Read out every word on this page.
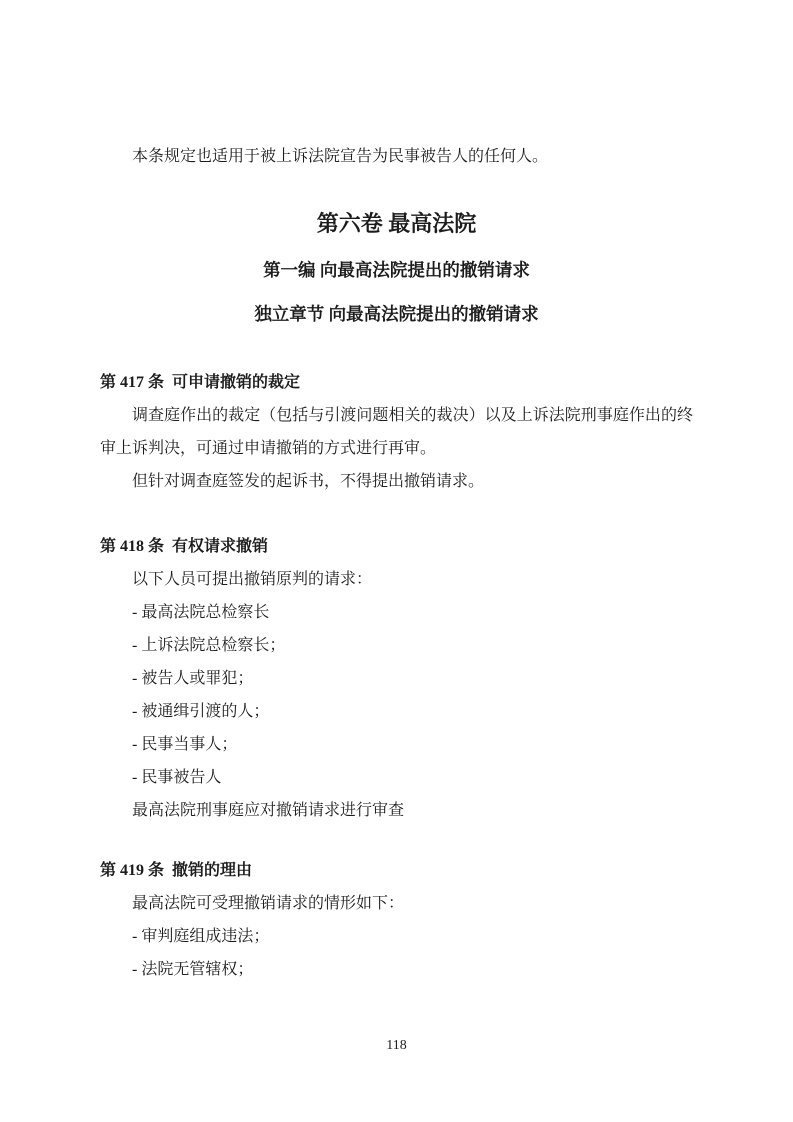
本条规定也适用于被上诉法院宣告为民事被告人的任何人。

第六卷 最高法院
第一编 向最高法院提出的撤销请求
独立章节 向最高法院提出的撤销请求
第 417 条  可申请撤销的裁定

调查庭作出的裁定（包括与引渡问题相关的裁决）以及上诉法院刑事庭作出的终审上诉判决，可通过申请撤销的方式进行再审。

但针对调查庭签发的起诉书，不得提出撤销请求。

第 418 条  有权请求撤销

以下人员可提出撤销原判的请求：

- 最高法院总检察长

- 上诉法院总检察长；

- 被告人或罪犯；

- 被通缉引渡的人；

- 民事当事人；

- 民事被告人

最高法院刑事庭应对撤销请求进行审查

第 419 条  撤销的理由

最高法院可受理撤销请求的情形如下：

- 审判庭组成违法；

- 法院无管辖权；

118
